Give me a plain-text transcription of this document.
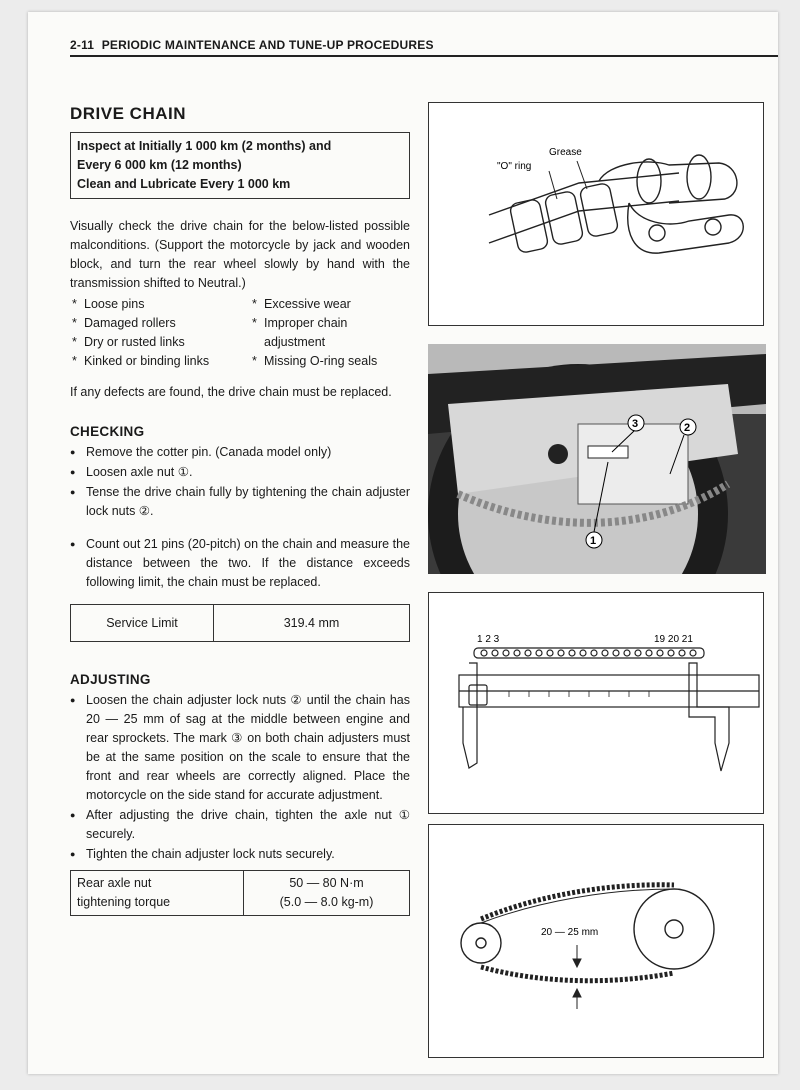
2-11 PERIODIC MAINTENANCE AND TUNE-UP PROCEDURES
DRIVE CHAIN
Inspect at Initially 1 000 km (2 months) and
Every 6 000 km (12 months)
Clean and Lubricate Every 1 000 km

Visually check the drive chain for the below-listed possible malconditions. (Support the motorcycle by jack and wooden block, and turn the rear wheel slowly by hand with the transmission shifted to Neutral.)

* Loose pins
* Damaged rollers
* Dry or rusted links
* Kinked or binding links
* Excessive wear
* Improper chain adjustment
* Missing O-ring seals

If any defects are found, the drive chain must be replaced.

CHECKING
● Remove the cotter pin. (Canada model only)
● Loosen axle nut ①.
● Tense the drive chain fully by tightening the chain adjuster lock nuts ②.
● Count out 21 pins (20-pitch) on the chain and measure the distance between the two. If the distance exceeds following limit, the chain must be replaced.
Service Limit	319.4 mm
ADJUSTING
● Loosen the chain adjuster lock nuts ② until the chain has 20 — 25 mm of sag at the middle between engine and rear sprockets. The mark ③ on both chain adjusters must be at the same position on the scale to ensure that the front and rear wheels are correctly aligned. Place the motorcycle on the side stand for accurate adjustment.
● After adjusting the drive chain, tighten the axle nut ① securely.
● Tighten the chain adjuster lock nuts securely.
Rear axle nut
tightening torque

50 — 80 N·m
(5.0 — 8.0 kg-m)
"O" ring
Grease
3	2
1
1 2 3	19 20 21
20 — 25 mm
